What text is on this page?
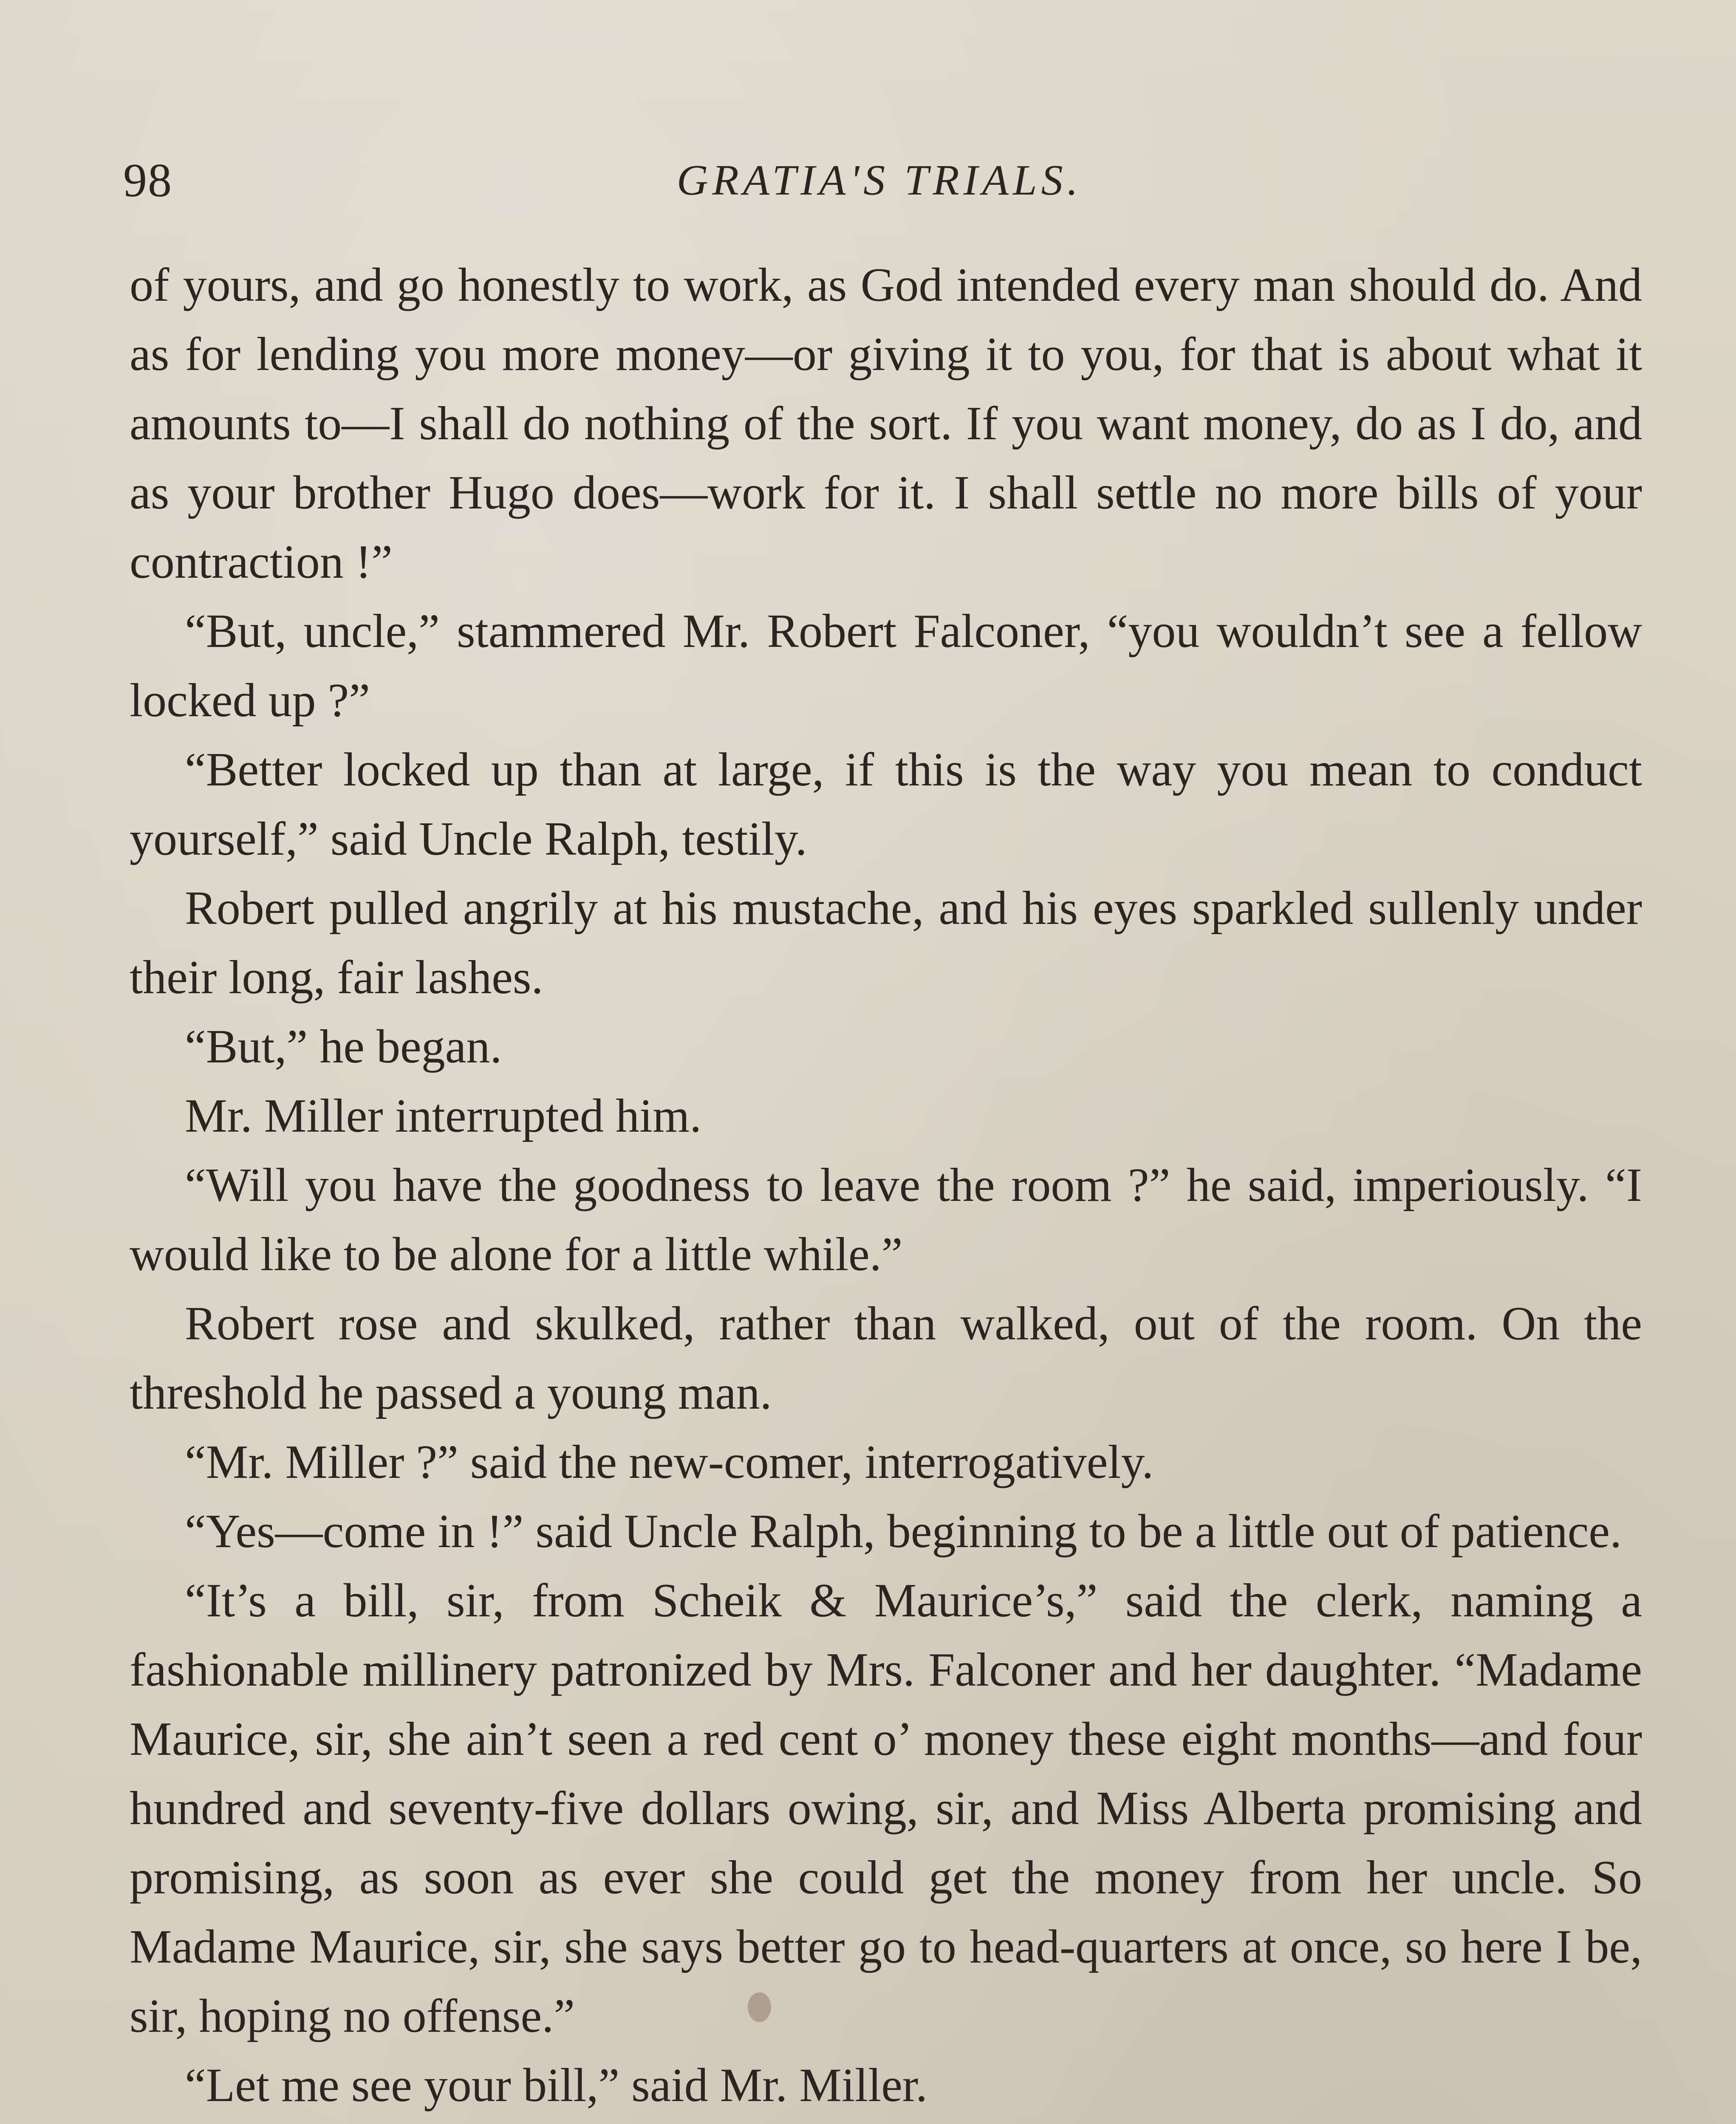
98	GRATIA'S TRIALS.

of yours, and go honestly to work, as God intended every man should do. And as for lending you more money—or giving it to you, for that is about what it amounts to—I shall do nothing of the sort. If you want money, do as I do, and as your brother Hugo does—work for it. I shall settle no more bills of your contraction !”

“But, uncle,” stammered Mr. Robert Falconer, “you wouldn’t see a fellow locked up ?”

“Better locked up than at large, if this is the way you mean to conduct yourself,” said Uncle Ralph, testily.

Robert pulled angrily at his mustache, and his eyes sparkled sullenly under their long, fair lashes.

“But,” he began.

Mr. Miller interrupted him.

“Will you have the goodness to leave the room ?” he said, imperiously. “I would like to be alone for a little while.”

Robert rose and skulked, rather than walked, out of the room. On the threshold he passed a young man.

“Mr. Miller ?” said the new-comer, interrogatively.

“Yes—come in !” said Uncle Ralph, beginning to be a little out of patience.

“It’s a bill, sir, from Scheik & Maurice’s,” said the clerk, naming a fashionable millinery patronized by Mrs. Falconer and her daughter. “Madame Maurice, sir, she ain’t seen a red cent o’ money these eight months—and four hundred and seventy-five dollars owing, sir, and Miss Alberta promising and promising, as soon as ever she could get the money from her uncle. So Madame Maurice, sir, she says better go to head-quarters at once, so here I be, sir, hoping no offense.”

“Let me see your bill,” said Mr. Miller.
